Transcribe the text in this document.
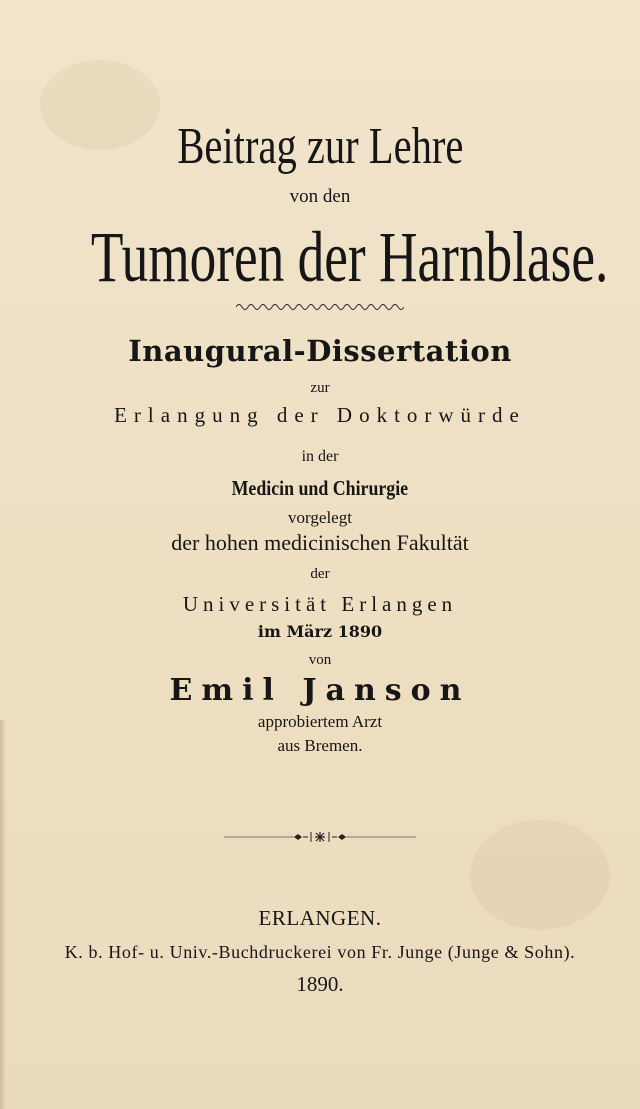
Beitrag zur Lehre
von den
Tumoren der Harnblase.
Inaugural-Dissertation
zur
Erlangung der Doktorwürde
in der
Medicin und Chirurgie
vorgelegt
der hohen medicinischen Fakultät
der
Universität Erlangen
im März 1890
von
Emil Janson
approbiertem Arzt
aus Bremen.
ERLANGEN.
K. b. Hof- u. Univ.-Buchdruckerei von Fr. Junge (Junge & Sohn).
1890.
